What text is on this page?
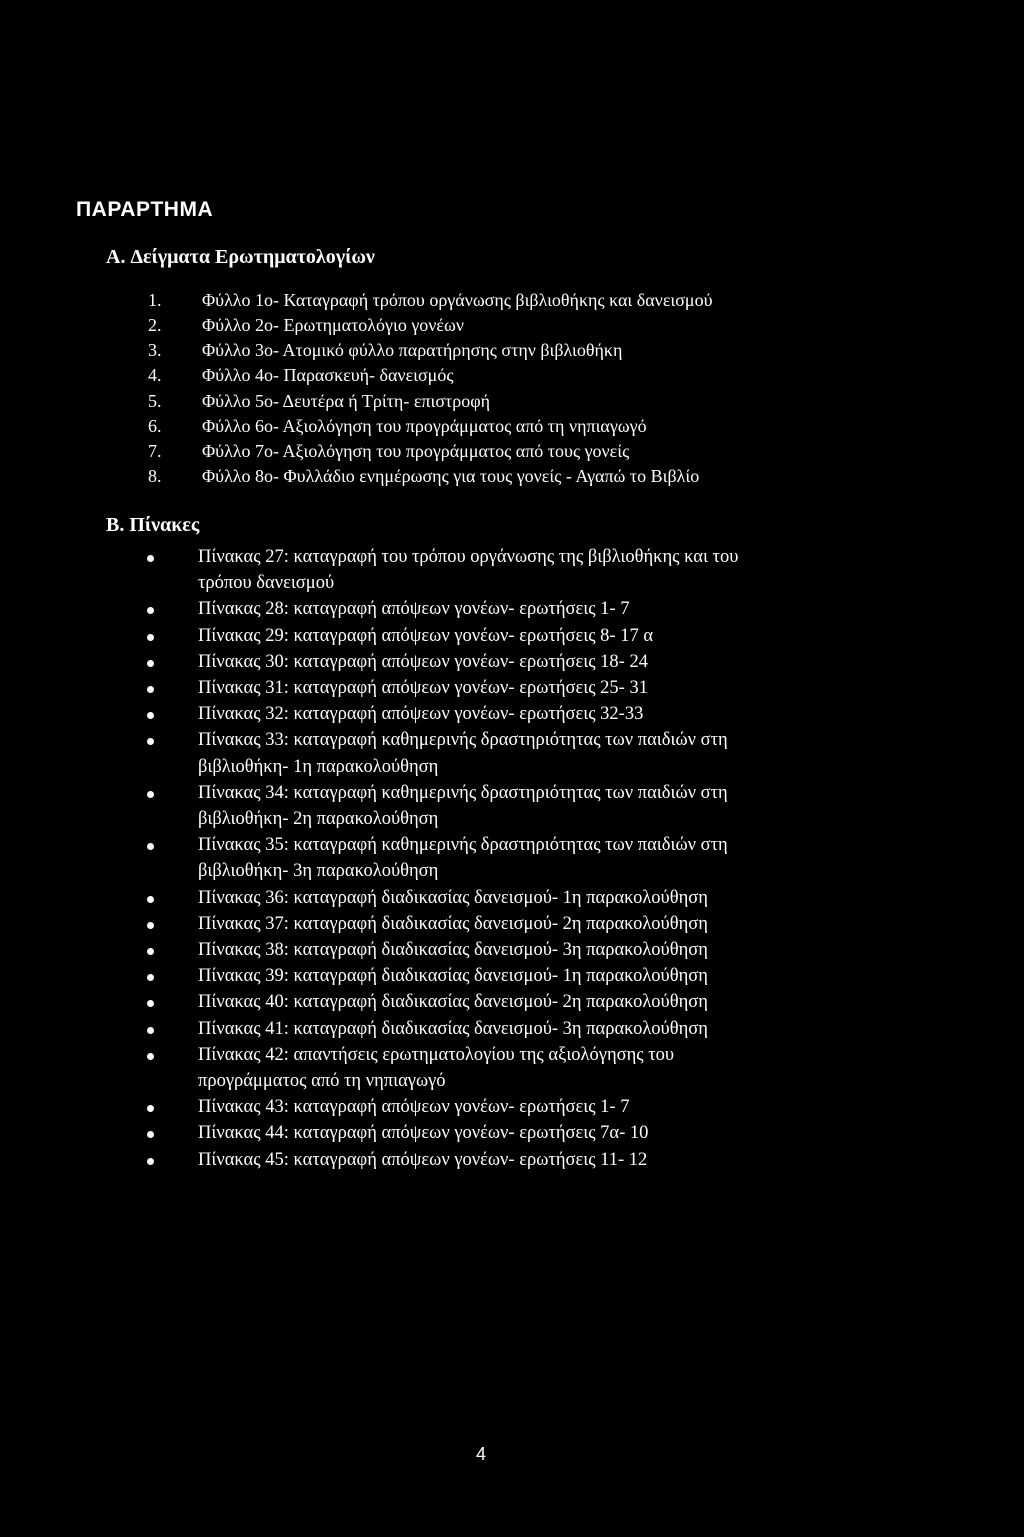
ΠΑΡΑΡΤΗΜΑ
Α. Δείγματα Ερωτηματολογίων
1. Φύλλο 1ο- Καταγραφή τρόπου οργάνωσης βιβλιοθήκης και δανεισμού
2. Φύλλο 2ο- Ερωτηματολόγιο γονέων
3. Φύλλο 3ο- Ατομικό φύλλο παρατήρησης στην βιβλιοθήκη
4. Φύλλο 4ο- Παρασκευή- δανεισμός
5. Φύλλο 5ο- Δευτέρα ή Τρίτη- επιστροφή
6. Φύλλο 6ο- Αξιολόγηση του προγράμματος από τη νηπιαγωγό
7. Φύλλο 7ο- Αξιολόγηση του προγράμματος από τους γονείς
8. Φύλλο 8ο- Φυλλάδιο ενημέρωσης για τους γονείς - Αγαπώ το Βιβλίο
Β. Πίνακες
Πίνακας 27: καταγραφή του τρόπου οργάνωσης της βιβλιοθήκης και του
τρόπου δανεισμού
Πίνακας 28: καταγραφή απόψεων γονέων- ερωτήσεις 1- 7
Πίνακας 29: καταγραφή απόψεων γονέων- ερωτήσεις 8- 17 α
Πίνακας 30: καταγραφή απόψεων γονέων- ερωτήσεις 18- 24
Πίνακας 31: καταγραφή απόψεων γονέων- ερωτήσεις 25- 31
Πίνακας 32: καταγραφή απόψεων γονέων- ερωτήσεις 32-33
Πίνακας 33: καταγραφή καθημερινής δραστηριότητας των παιδιών στη
βιβλιοθήκη- 1η παρακολούθηση
Πίνακας 34: καταγραφή καθημερινής δραστηριότητας των παιδιών στη
βιβλιοθήκη- 2η παρακολούθηση
Πίνακας 35: καταγραφή καθημερινής δραστηριότητας των παιδιών στη
βιβλιοθήκη- 3η παρακολούθηση
Πίνακας 36: καταγραφή διαδικασίας δανεισμού- 1η παρακολούθηση
Πίνακας 37: καταγραφή διαδικασίας δανεισμού- 2η παρακολούθηση
Πίνακας 38: καταγραφή διαδικασίας δανεισμού- 3η παρακολούθηση
Πίνακας 39: καταγραφή διαδικασίας δανεισμού- 1η παρακολούθηση
Πίνακας 40: καταγραφή διαδικασίας δανεισμού- 2η παρακολούθηση
Πίνακας 41: καταγραφή διαδικασίας δανεισμού- 3η παρακολούθηση
Πίνακας 42: απαντήσεις ερωτηματολογίου της αξιολόγησης του
προγράμματος από τη νηπιαγωγό
Πίνακας 43: καταγραφή απόψεων γονέων- ερωτήσεις 1- 7
Πίνακας 44: καταγραφή απόψεων γονέων- ερωτήσεις 7α- 10
Πίνακας 45: καταγραφή απόψεων γονέων- ερωτήσεις 11- 12
4
